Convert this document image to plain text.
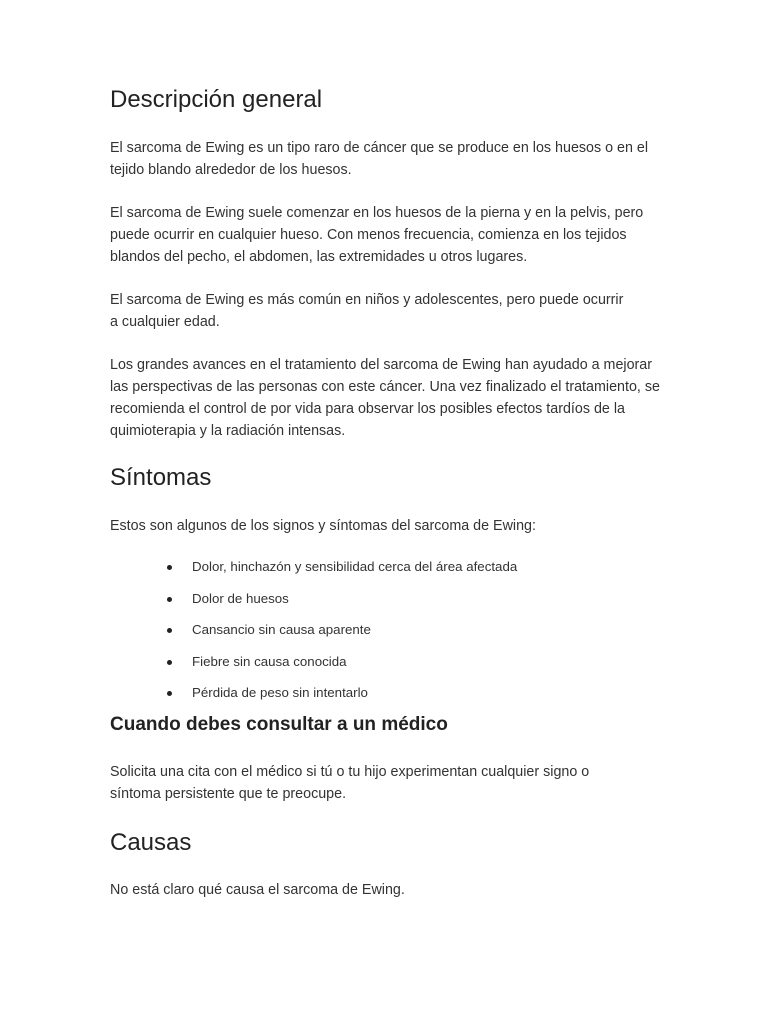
Descripción general

El sarcoma de Ewing es un tipo raro de cáncer que se produce en los huesos o en el tejido blando alrededor de los huesos.

El sarcoma de Ewing suele comenzar en los huesos de la pierna y en la pelvis, pero puede ocurrir en cualquier hueso. Con menos frecuencia, comienza en los tejidos blandos del pecho, el abdomen, las extremidades u otros lugares.

El sarcoma de Ewing es más común en niños y adolescentes, pero puede ocurrir a cualquier edad.

Los grandes avances en el tratamiento del sarcoma de Ewing han ayudado a mejorar las perspectivas de las personas con este cáncer. Una vez finalizado el tratamiento, se recomienda el control de por vida para observar los posibles efectos tardíos de la quimioterapia y la radiación intensas.

Síntomas

Estos son algunos de los signos y síntomas del sarcoma de Ewing:

Dolor, hinchazón y sensibilidad cerca del área afectada
Dolor de huesos
Cansancio sin causa aparente
Fiebre sin causa conocida
Pérdida de peso sin intentarlo
Cuando debes consultar a un médico

Solicita una cita con el médico si tú o tu hijo experimentan cualquier signo o síntoma persistente que te preocupe.

Causas

No está claro qué causa el sarcoma de Ewing.
